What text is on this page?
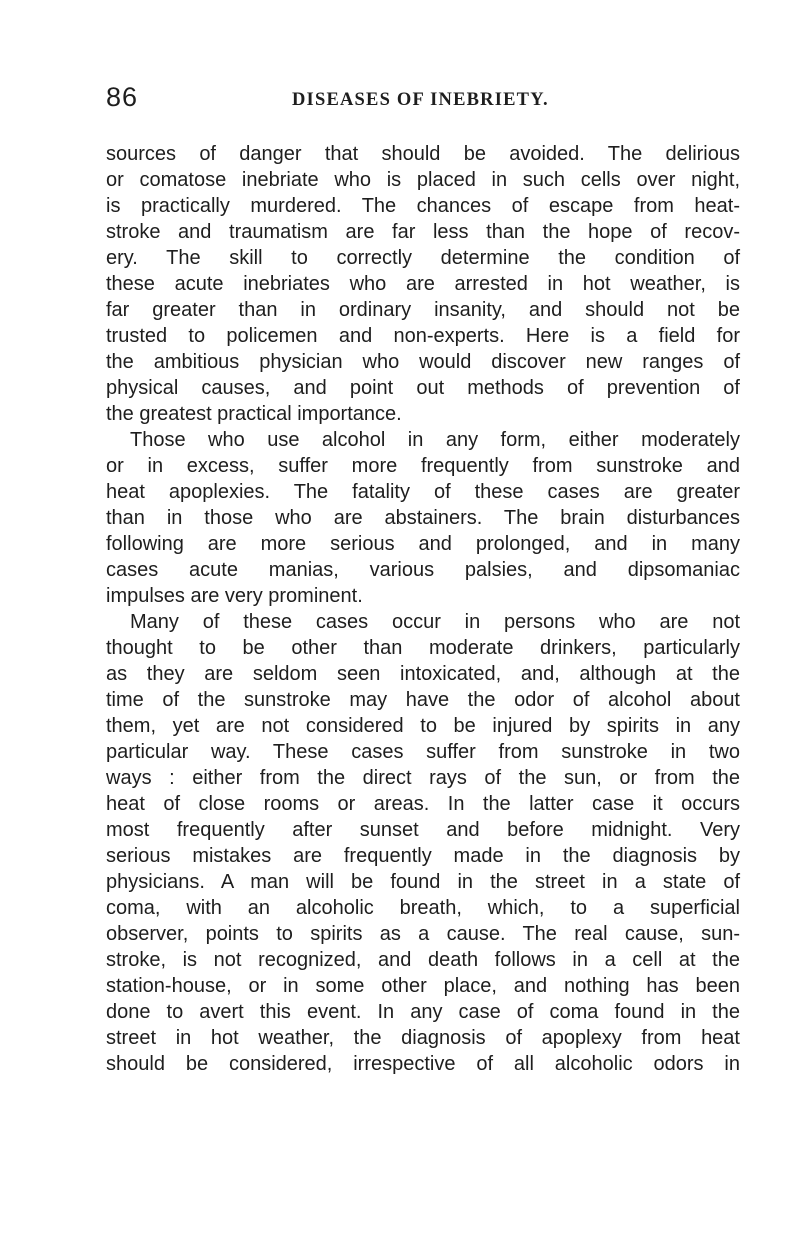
86	DISEASES OF INEBRIETY.

sources of danger that should be avoided. The delirious
or comatose inebriate who is placed in such cells over night,
is practically murdered. The chances of escape from heat-
stroke and traumatism are far less than the hope of recov-
ery. The skill to correctly determine the condition of
these acute inebriates who are arrested in hot weather, is
far greater than in ordinary insanity, and should not be
trusted to policemen and non-experts. Here is a field for
the ambitious physician who would discover new ranges of
physical causes, and point out methods of prevention of
the greatest practical importance.

Those who use alcohol in any form, either moderately
or in excess, suffer more frequently from sunstroke and
heat apoplexies. The fatality of these cases are greater
than in those who are abstainers. The brain disturbances
following are more serious and prolonged, and in many
cases acute manias, various palsies, and dipsomaniac
impulses are very prominent.

Many of these cases occur in persons who are not
thought to be other than moderate drinkers, particularly
as they are seldom seen intoxicated, and, although at the
time of the sunstroke may have the odor of alcohol about
them, yet are not considered to be injured by spirits in any
particular way. These cases suffer from sunstroke in two
ways : either from the direct rays of the sun, or from the
heat of close rooms or areas. In the latter case it occurs
most frequently after sunset and before midnight. Very
serious mistakes are frequently made in the diagnosis by
physicians. A man will be found in the street in a state of
coma, with an alcoholic breath, which, to a superficial
observer, points to spirits as a cause. The real cause, sun-
stroke, is not recognized, and death follows in a cell at the
station-house, or in some other place, and nothing has been
done to avert this event. In any case of coma found in the
street in hot weather, the diagnosis of apoplexy from heat
should be considered, irrespective of all alcoholic odors in
